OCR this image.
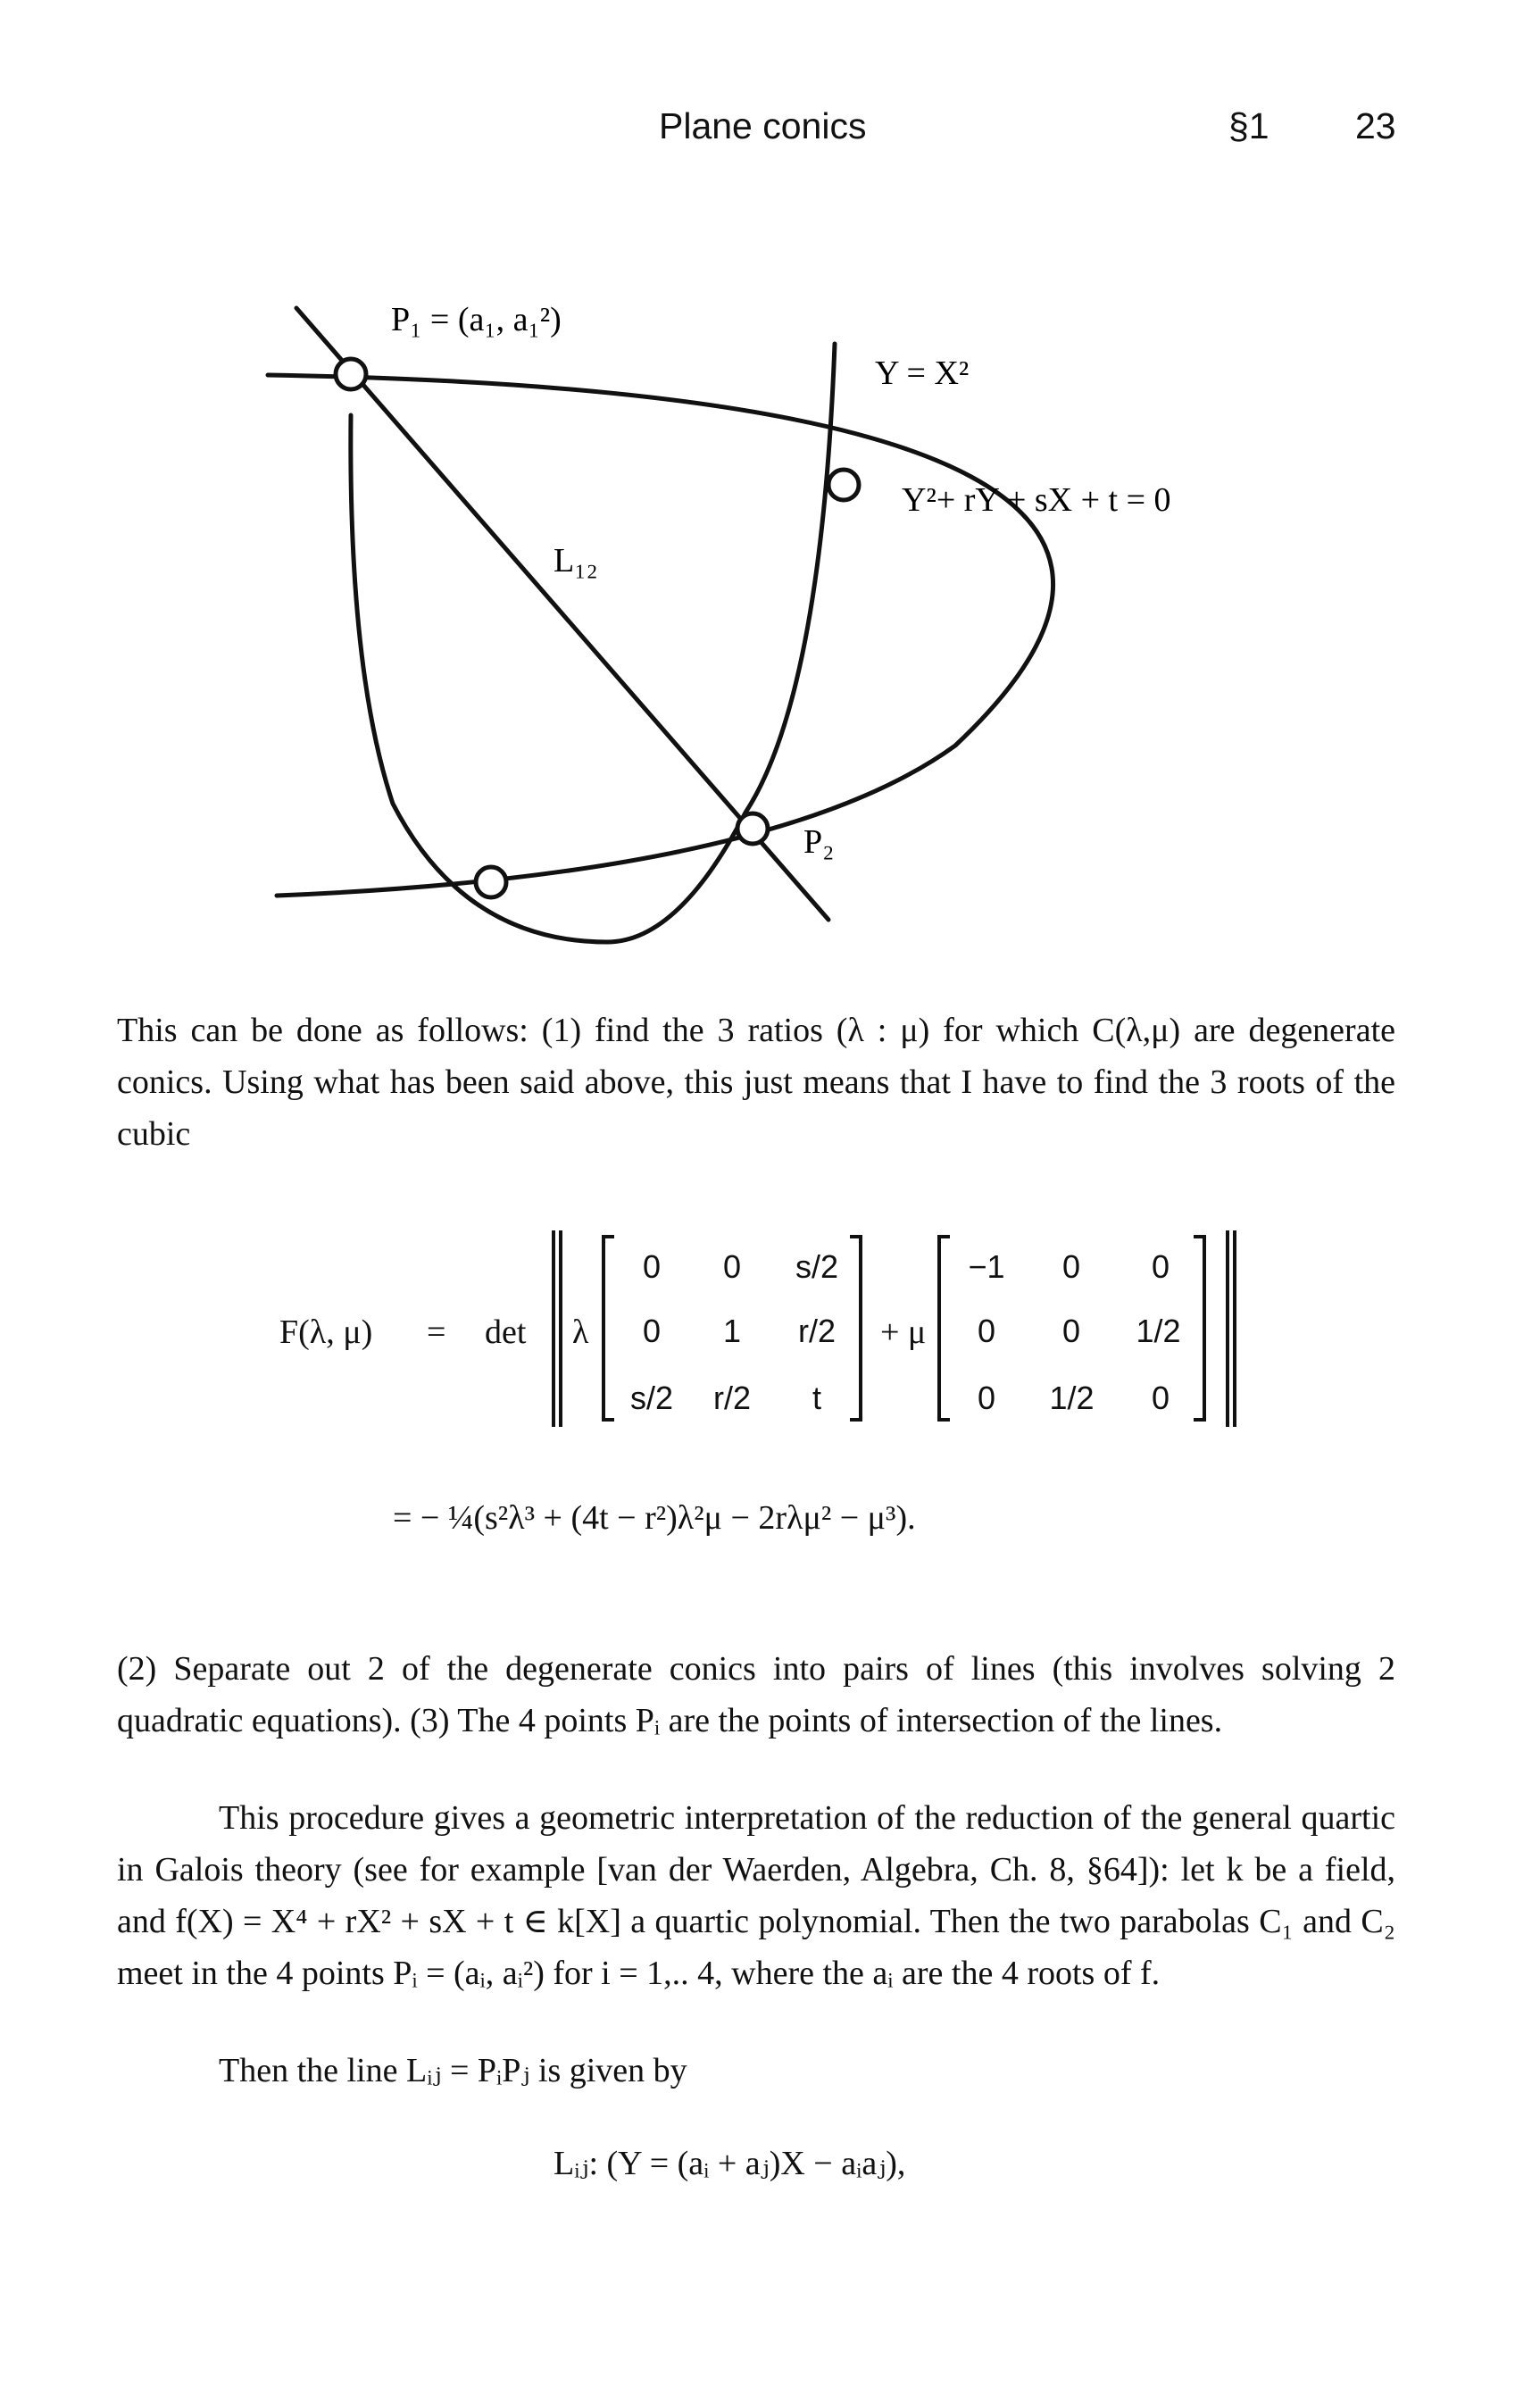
Plane conics	§1 23
P₁ = (a₁, a₁²)
Y = X²
Y²+ rY + sX + t = 0
L₁₂
P₂

This can be done as follows: (1) find the 3 ratios (λ : μ) for which C(λ,μ) are degenerate conics. Using what has been said above, this just means that I have to find the 3 roots of the cubic

F(λ, μ) = det λ
0	0	s/2
0	1	r/2
s/2	r/2	t
+ μ
−1	0	0
0	0	1/2
0	1/2	0
= − ¼(s²λ³ + (4t − r²)λ²μ − 2rλμ² − μ³).

(2) Separate out 2 of the degenerate conics into pairs of lines (this involves solving 2 quadratic equations). (3) The 4 points Pᵢ are the points of intersection of the lines.

This procedure gives a geometric interpretation of the reduction of the general quartic in Galois theory (see for example [van der Waerden, Algebra, Ch. 8, §64]): let k be a field, and f(X) = X⁴ + rX² + sX + t ∈ k[X] a quartic polynomial. Then the two parabolas C₁ and C₂ meet in the 4 points Pᵢ = (aᵢ, aᵢ²) for i = 1,.. 4, where the aᵢ are the 4 roots of f.

Then the line Lᵢⱼ = PᵢPⱼ is given by

Lᵢⱼ: (Y = (aᵢ + aⱼ)X − aᵢaⱼ),
